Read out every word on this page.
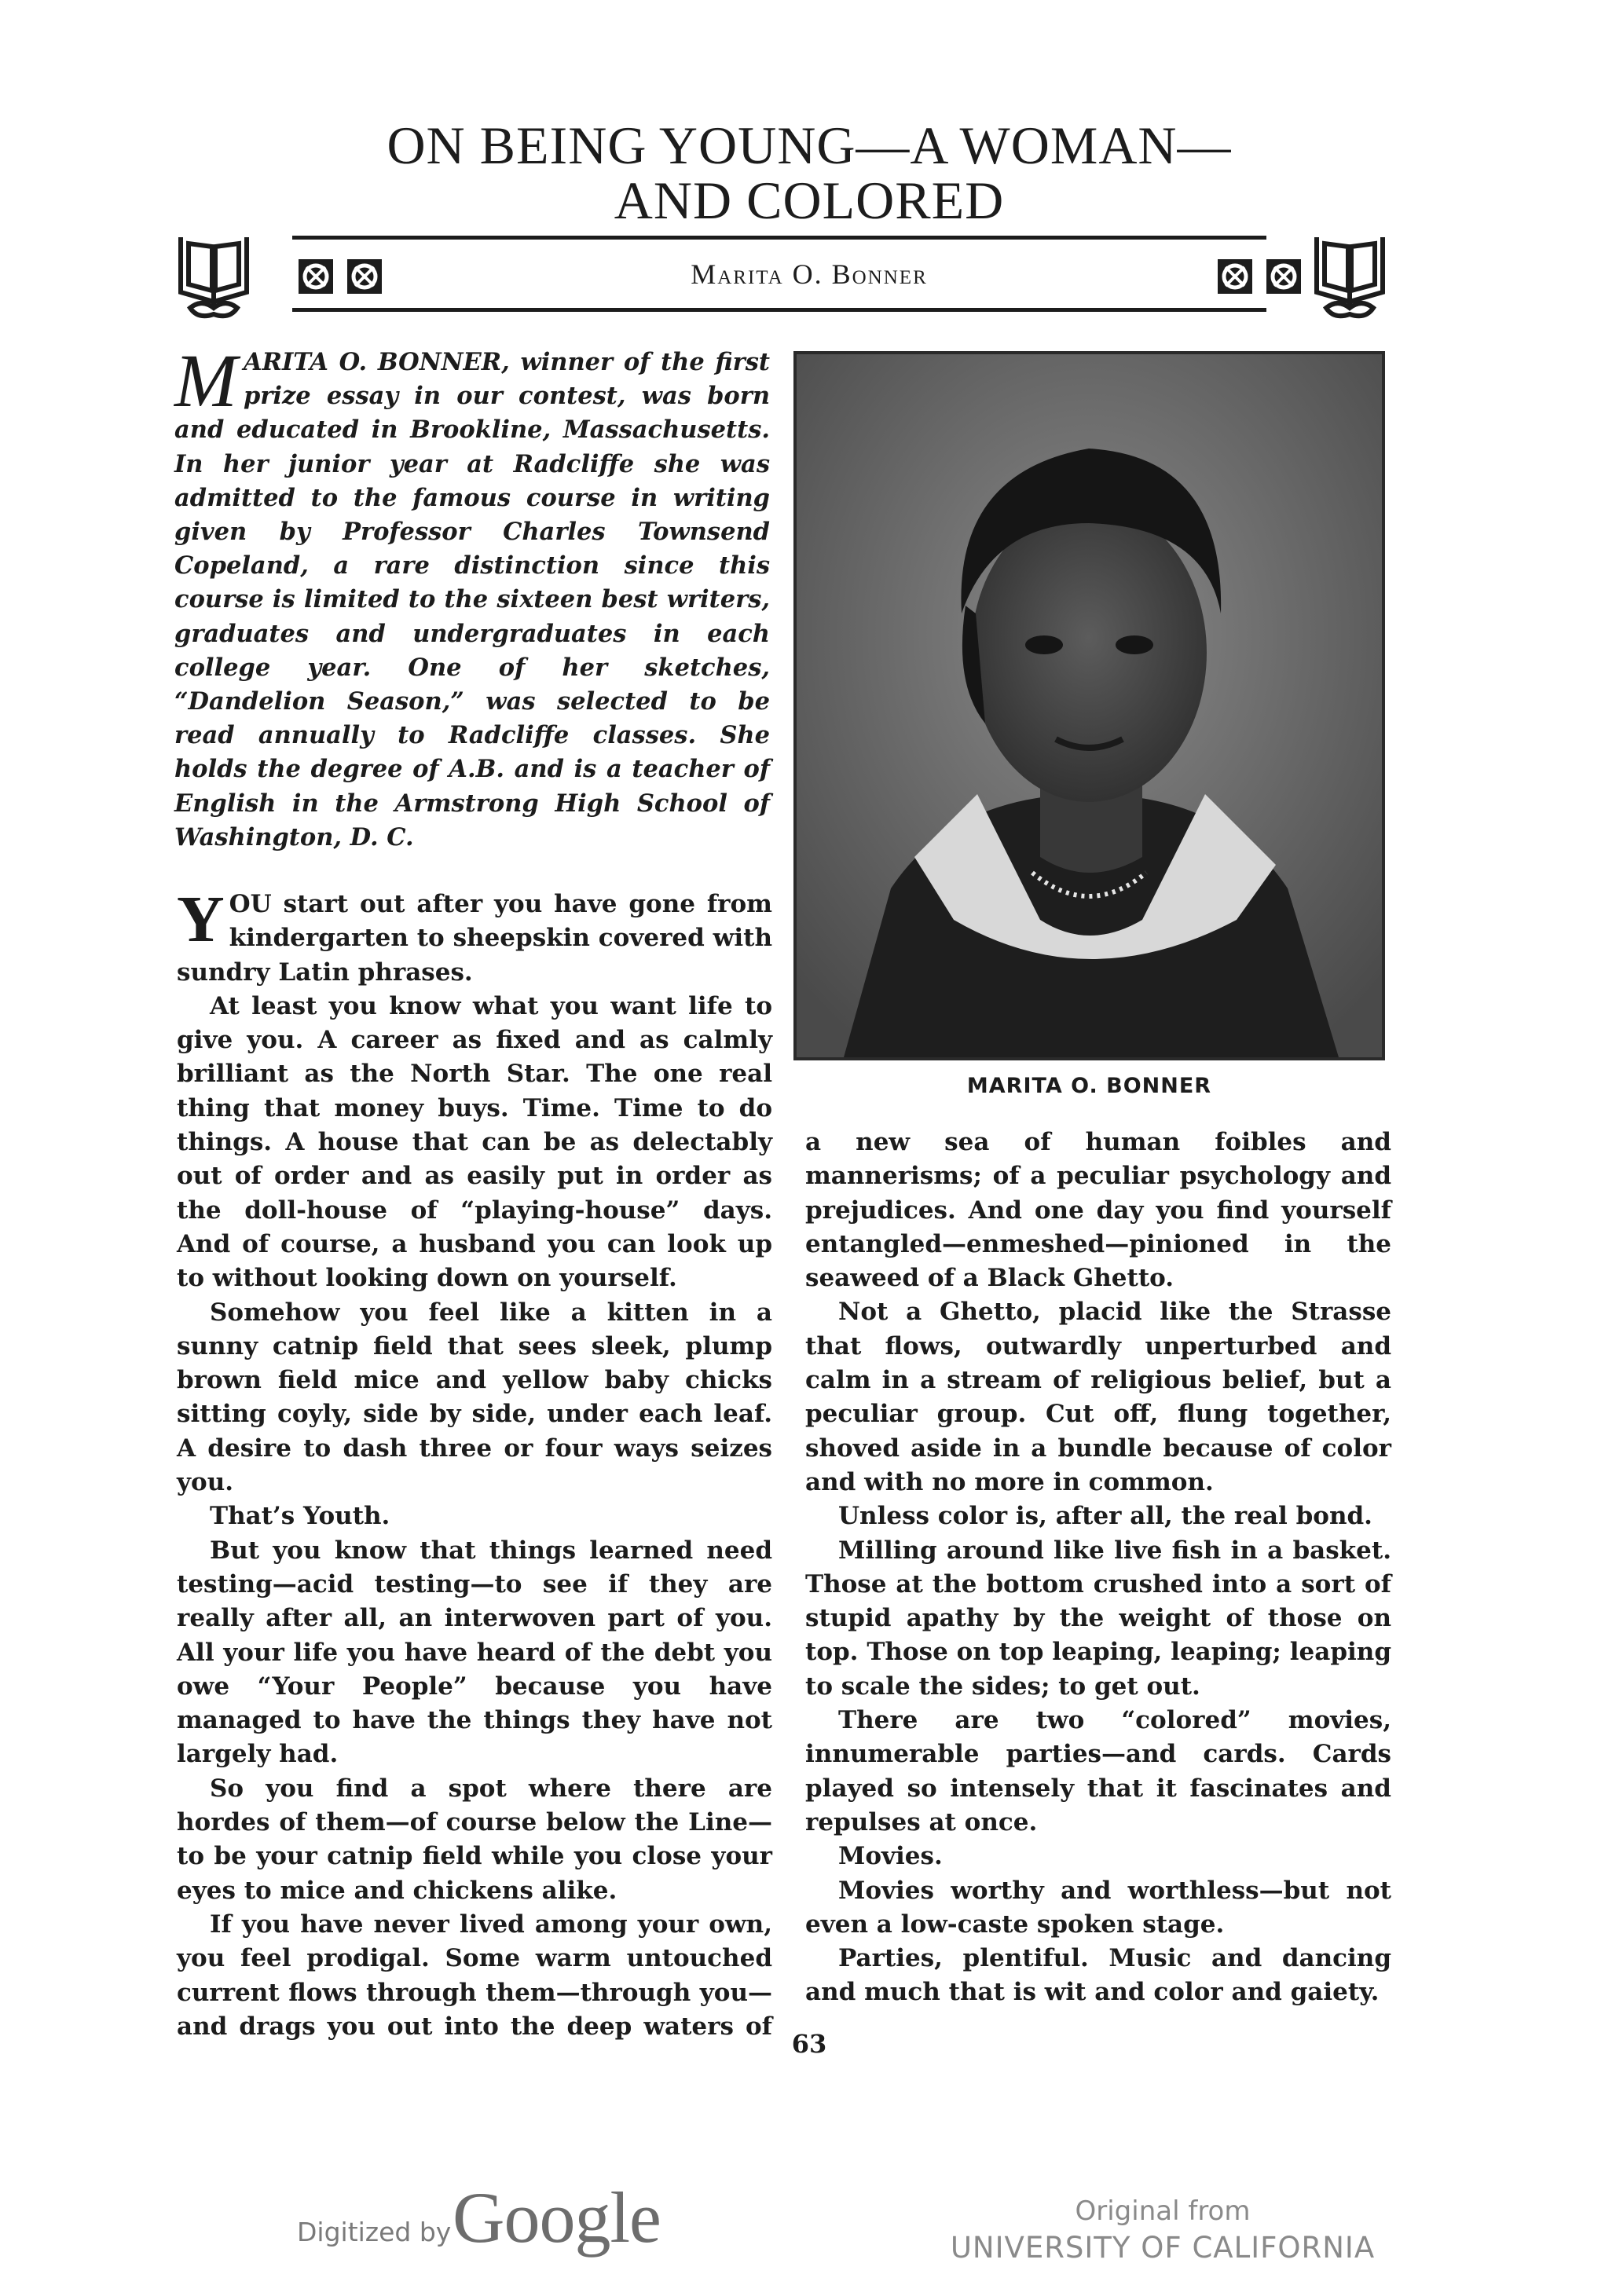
ON BEING YOUNG—A WOMAN—
AND COLORED
Marita O. Bonner

MARITA O. BONNER, winner of the first prize essay in our contest, was born and educated in Brookline, Massachusetts. In her junior year at Radcliffe she was admitted to the famous course in writing given by Professor Charles Townsend Copeland, a rare distinction since this course is limited to the sixteen best writers, graduates and undergraduates in each college year. One of her sketches, “Dandelion Season,” was selected to be read annually to Radcliffe classes. She holds the degree of A.B. and is a teacher of English in the Armstrong High School of Washington, D. C.

MARITA O. BONNER

YOU start out after you have gone from kindergarten to sheepskin covered with sundry Latin phrases.

At least you know what you want life to give you. A career as fixed and as calmly brilliant as the North Star. The one real thing that money buys. Time. Time to do things. A house that can be as delectably out of order and as easily put in order as the doll-house of “playing-house” days. And of course, a husband you can look up to without looking down on yourself.

Somehow you feel like a kitten in a sunny catnip field that sees sleek, plump brown field mice and yellow baby chicks sitting coyly, side by side, under each leaf. A desire to dash three or four ways seizes you.

That’s Youth.

But you know that things learned need testing—acid testing—to see if they are really after all, an interwoven part of you. All your life you have heard of the debt you owe “Your People” because you have managed to have the things they have not largely had.

So you find a spot where there are hordes of them—of course below the Line—to be your catnip field while you close your eyes to mice and chickens alike.

If you have never lived among your own, you feel prodigal. Some warm untouched current flows through them—through you—and drags you out into the deep waters of

a new sea of human foibles and mannerisms; of a peculiar psychology and prejudices. And one day you find yourself entangled—enmeshed—pinioned in the seaweed of a Black Ghetto.

Not a Ghetto, placid like the Strasse that flows, outwardly unperturbed and calm in a stream of religious belief, but a peculiar group. Cut off, flung together, shoved aside in a bundle because of color and with no more in common.

Unless color is, after all, the real bond.

Milling around like live fish in a basket. Those at the bottom crushed into a sort of stupid apathy by the weight of those on top. Those on top leaping, leaping; leaping to scale the sides; to get out.

There are two “colored” movies, innumerable parties—and cards. Cards played so intensely that it fascinates and repulses at once.

Movies.

Movies worthy and worthless—but not even a low-caste spoken stage.

Parties, plentiful. Music and dancing and much that is wit and color and gaiety.

63
Digitized by Google	Original from
UNIVERSITY OF CALIFORNIA
